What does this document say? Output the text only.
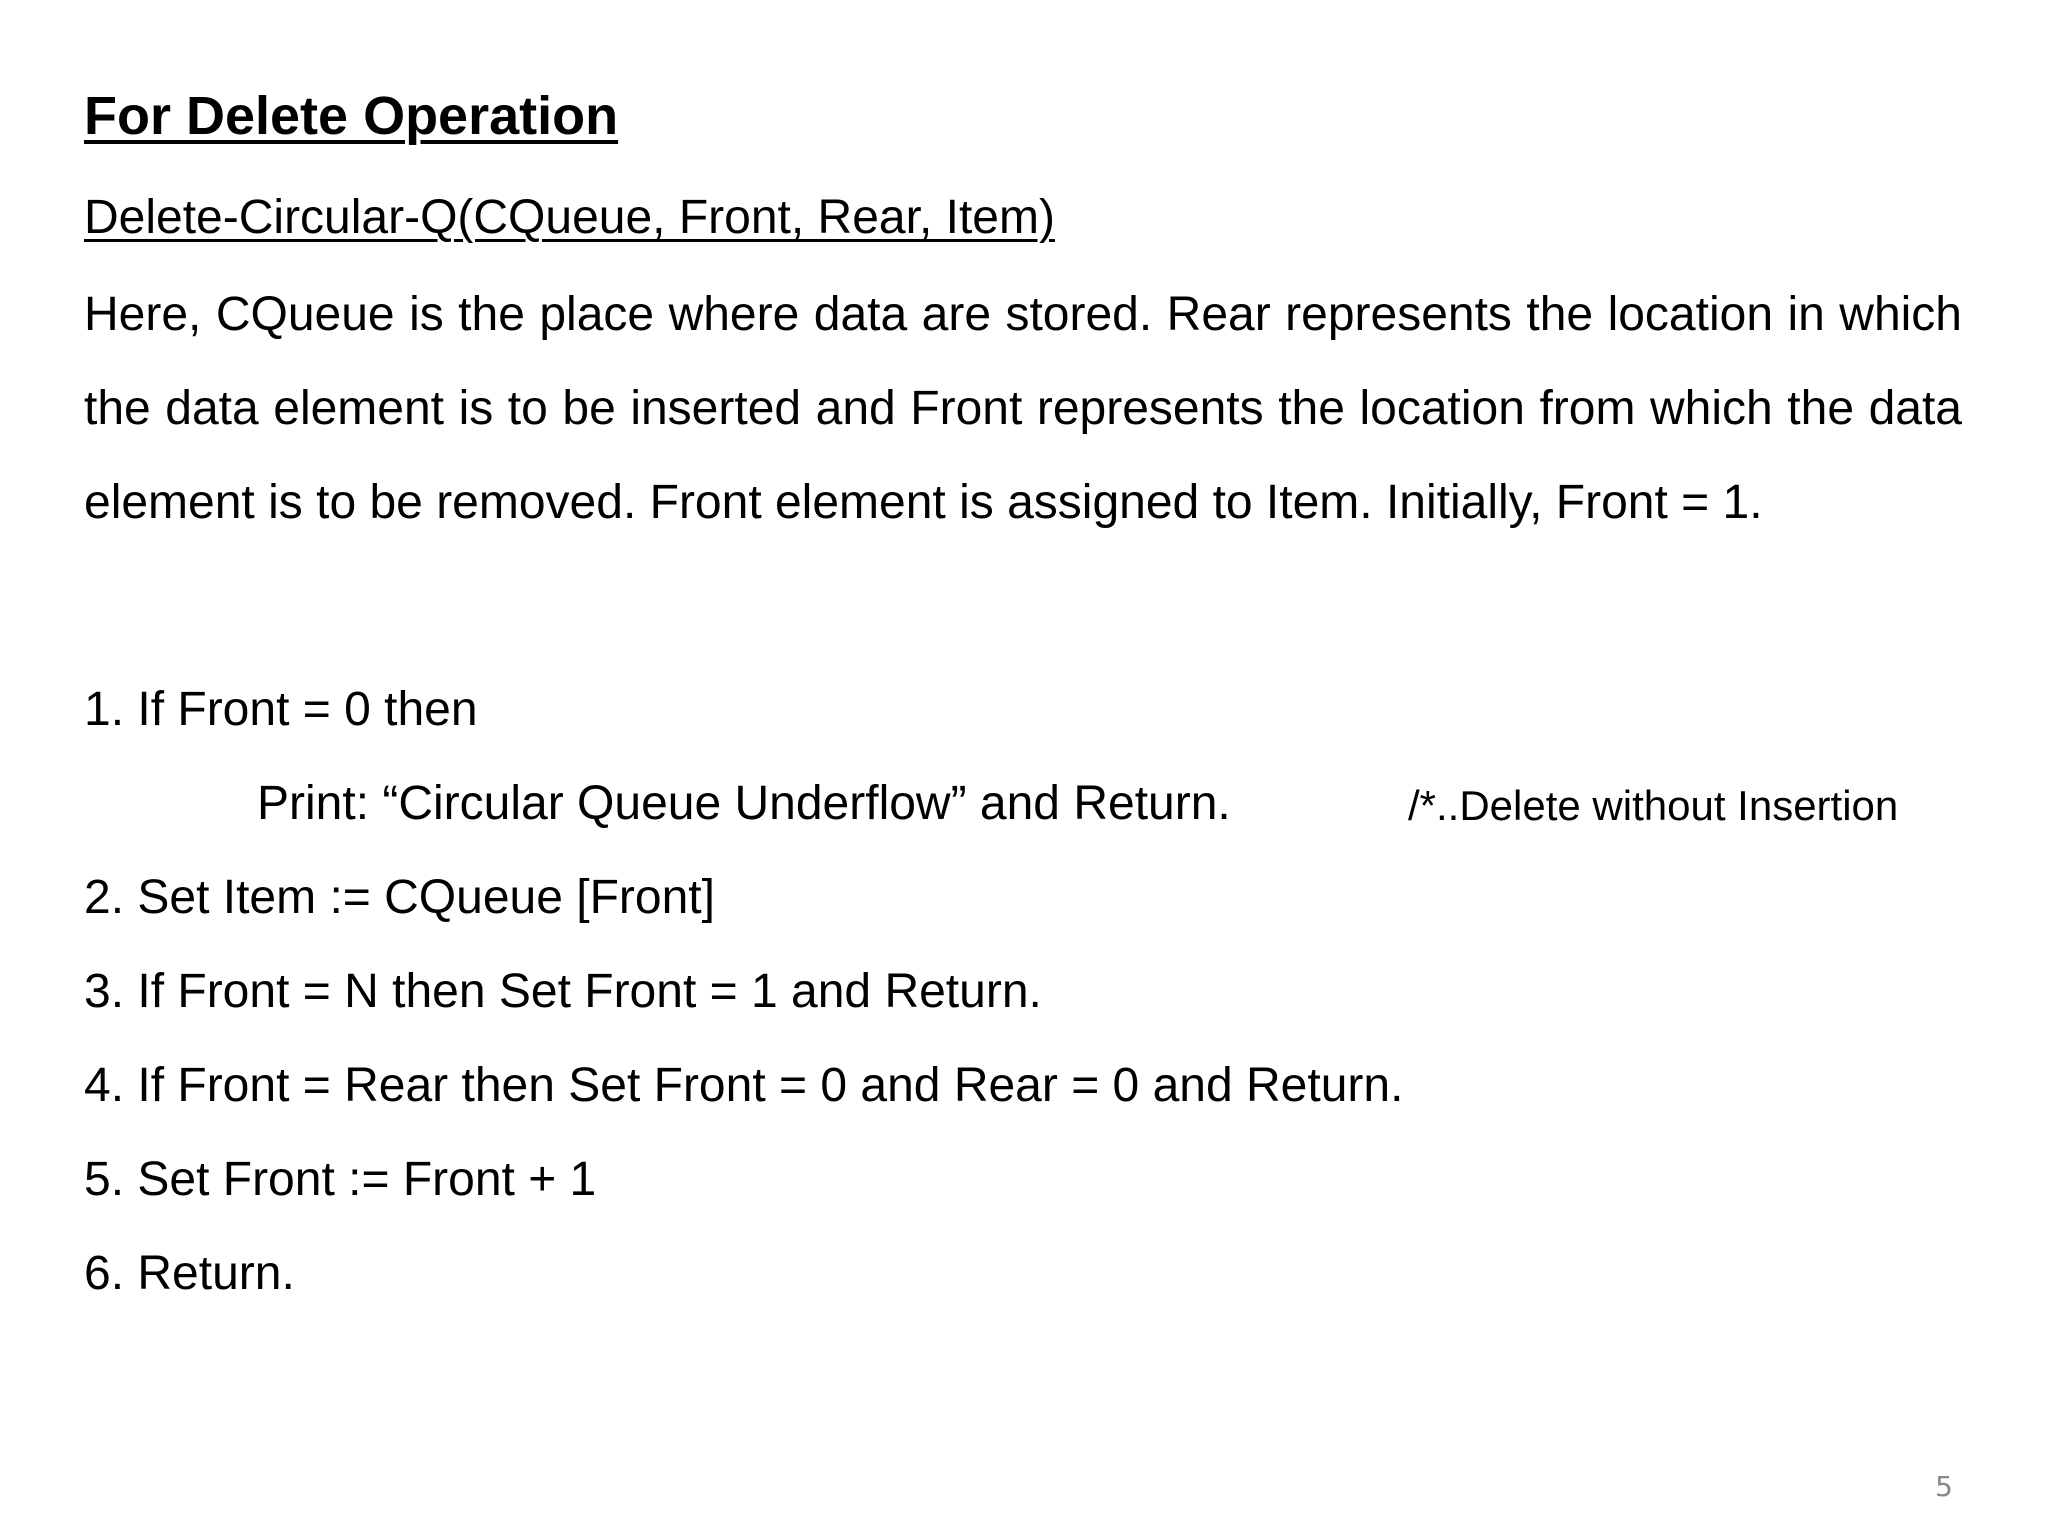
For Delete Operation
Delete-Circular-Q(CQueue, Front, Rear, Item)

Here, CQueue is the place where data are stored. Rear represents the location in which the data element is to be inserted and Front represents the location from which the data element is to be removed. Front element is assigned to Item. Initially, Front = 1.

1. If Front = 0 then
Print: “Circular Queue Underflow” and Return.	/*..Delete without Insertion
2. Set Item := CQueue [Front]
3. If Front = N then Set Front = 1 and Return.
4. If Front = Rear then Set Front = 0 and Rear = 0 and Return.
5. Set Front := Front + 1
6. Return.
5
